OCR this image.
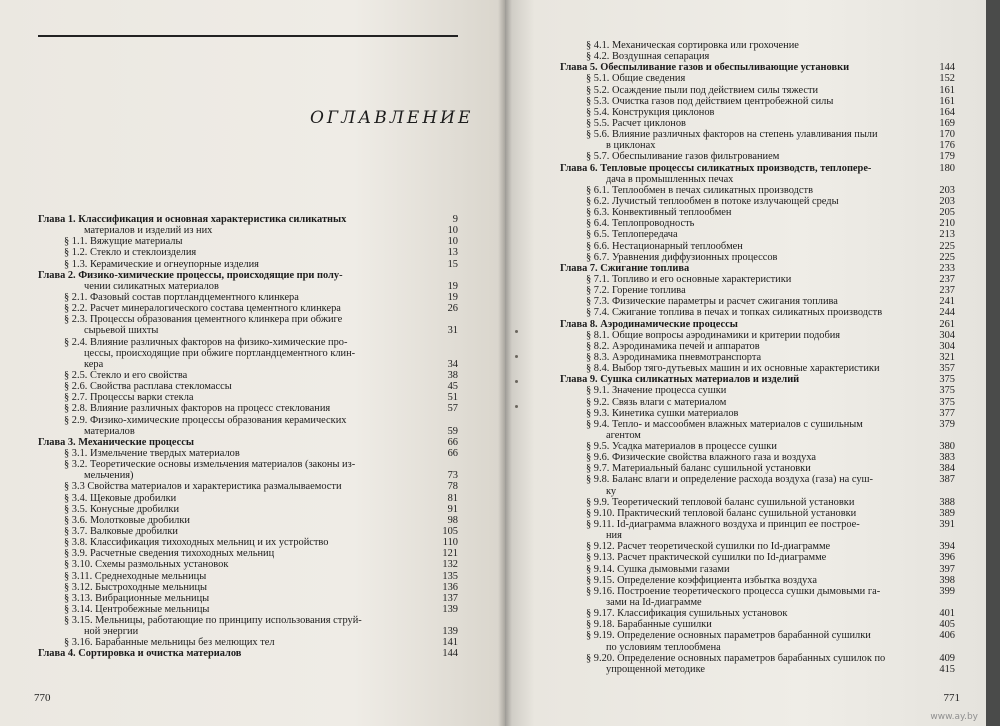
ОГЛАВЛЕНИЕ
Глава 1. Классификация и основная характеристика силикатных	9
материалов и изделий из них	10
§ 1.1. Вяжущие материалы	10
§ 1.2. Стекло и стеклоизделия	13
§ 1.3. Керамические и огнеупорные изделия	15
Глава 2. Физико-химические процессы, происходящие при полу-
чении силикатных материалов	19
§ 2.1. Фазовый состав портландцементного клинкера	19
§ 2.2. Расчет минералогического состава цементного клинкера	26
§ 2.3. Процессы образования цементного клинкера при обжиге
сырьевой шихты	31
§ 2.4. Влияние различных факторов на физико-химические про-
цессы, происходящие при обжиге портландцементного клин-
кера	34
§ 2.5. Стекло и его свойства	38
§ 2.6. Свойства расплава стекломассы	45
§ 2.7. Процессы варки стекла	51
§ 2.8. Влияние различных факторов на процесс стеклования	57
§ 2.9. Физико-химические процессы образования керамических
материалов	59
Глава 3. Механические процессы	66
§ 3.1. Измельчение твердых материалов	66
§ 3.2. Теоретические основы измельчения материалов (законы из-
мельчения)	73
§ 3.3 Свойства материалов и характеристика размалываемости	78
§ 3.4. Щековые дробилки	81
§ 3.5. Конусные дробилки	91
§ 3.6. Молотковые дробилки	98
§ 3.7. Валковые дробилки	105
§ 3.8. Классификация тихоходных мельниц и их устройство	110
§ 3.9. Расчетные сведения тихоходных мельниц	121
§ 3.10. Схемы размольных установок	132
§ 3.11. Среднеходные мельницы	135
§ 3.12. Быстроходные мельницы	136
§ 3.13. Вибрационные мельницы	137
§ 3.14. Центробежные мельницы	139
§ 3.15. Мельницы, работающие по принципу использования струй-
ной энергии	139
§ 3.16. Барабанные мельницы без мелющих тел	141
Глава 4. Сортировка и очистка материалов	144
770
§ 4.1. Механическая сортировка или грохочение
§ 4.2. Воздушная сепарация
Глава 5. Обеспыливание газов и обеспыливающие установки	144
§ 5.1. Общие сведения	152
§ 5.2. Осаждение пыли под действием силы тяжести	161
§ 5.3. Очистка газов под действием центробежной силы	161
§ 5.4. Конструкция циклонов	164
§ 5.5. Расчет циклонов	169
§ 5.6. Влияние различных факторов на степень улавливания пыли	170
в циклонах	176
§ 5.7. Обеспыливание газов фильтрованием	179
Глава 6. Тепловые процессы силикатных производств, теплопере-	180
дача в промышленных печах
§ 6.1. Теплообмен в печах силикатных производств	203
§ 6.2. Лучистый теплообмен в потоке излучающей среды	203
§ 6.3. Конвективный теплообмен	205
§ 6.4. Теплопроводность	210
§ 6.5. Теплопередача	213
§ 6.6. Нестационарный теплообмен	225
§ 6.7. Уравнения диффузионных процессов	225
Глава 7. Сжигание топлива	233
§ 7.1. Топливо и его основные характеристики	237
§ 7.2. Горение топлива	237
§ 7.3. Физические параметры и расчет сжигания топлива	241
§ 7.4. Сжигание топлива в печах и топках силикатных производств	244
Глава 8. Аэродинамические процессы	261
§ 8.1. Общие вопросы аэродинамики и критерии подобия	304
§ 8.2. Аэродинамика печей и аппаратов	304
§ 8.3. Аэродинамика пневмотранспорта	321
§ 8.4. Выбор тяго-дутьевых машин и их основные характеристики	357
Глава 9. Сушка силикатных материалов и изделий	375
§ 9.1. Значение процесса сушки	375
§ 9.2. Связь влаги с материалом	375
§ 9.3. Кинетика сушки материалов	377
§ 9.4. Тепло- и массообмен влажных материалов с сушильным	379
агентом
§ 9.5. Усадка материалов в процессе сушки	380
§ 9.6. Физические свойства влажного газа и воздуха	383
§ 9.7. Материальный баланс сушильной установки	384
§ 9.8. Баланс влаги и определение расхода воздуха (газа) на суш-	387
ку
§ 9.9. Теоретический тепловой баланс сушильной установки	388
§ 9.10. Практический тепловой баланс сушильной установки	389
§ 9.11. Id-диаграмма влажного воздуха и принцип ее построе-	391
ния
§ 9.12. Расчет теоретической сушилки по Id-диаграмме	394
§ 9.13. Расчет практической сушилки по Id-диаграмме	396
§ 9.14. Сушка дымовыми газами	397
§ 9.15. Определение коэффициента избытка воздуха	398
§ 9.16. Построение теоретического процесса сушки дымовыми га-	399
зами на Id-диаграмме
§ 9.17. Классификация сушильных установок	401
§ 9.18. Барабанные сушилки	405
§ 9.19. Определение основных параметров барабанной сушилки	406
по условиям теплообмена
§ 9.20. Определение основных параметров барабанных сушилок по	409
упрощенной методике	415
771
www.ay.by
